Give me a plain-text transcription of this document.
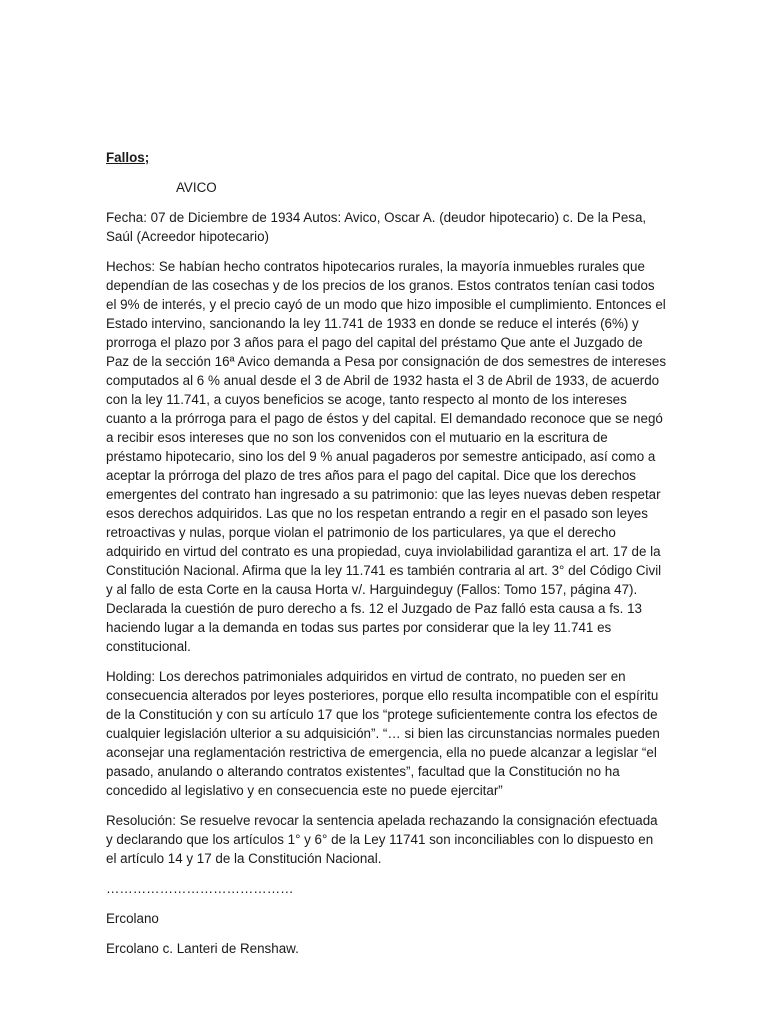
Fallos;
AVICO

Fecha: 07 de Diciembre de 1934 Autos: Avico, Oscar A. (deudor hipotecario) c. De la Pesa, Saúl (Acreedor hipotecario)

Hechos: Se habían hecho contratos hipotecarios rurales, la mayoría inmuebles rurales que dependían de las cosechas y de los precios de los granos. Estos contratos tenían casi todos el 9% de interés, y el precio cayó de un modo que hizo imposible el cumplimiento. Entonces el Estado intervino, sancionando la ley 11.741 de 1933 en donde se reduce el interés (6%) y prorroga el plazo por 3 años para el pago del capital del préstamo Que ante el Juzgado de Paz de la sección 16ª Avico demanda a Pesa por consignación de dos semestres de intereses computados al 6 % anual desde el 3 de Abril de 1932 hasta el 3 de Abril de 1933, de acuerdo con la ley 11.741, a cuyos beneficios se acoge, tanto respecto al monto de los intereses cuanto a la prórroga para el pago de éstos y del capital. El demandado reconoce que se negó a recibir esos intereses que no son los convenidos con el mutuario en la escritura de préstamo hipotecario, sino los del 9 % anual pagaderos por semestre anticipado, así como a aceptar la prórroga del plazo de tres años para el pago del capital. Dice que los derechos emergentes del contrato han ingresado a su patrimonio: que las leyes nuevas deben respetar esos derechos adquiridos. Las que no los respetan entrando a regir en el pasado son leyes retroactivas y nulas, porque violan el patrimonio de los particulares, ya que el derecho adquirido en virtud del contrato es una propiedad, cuya inviolabilidad garantiza el art. 17 de la Constitución Nacional. Afirma que la ley 11.741 es también contraria al art. 3° del Código Civil y al fallo de esta Corte en la causa Horta v/. Harguindeguy (Fallos: Tomo 157, página 47). Declarada la cuestión de puro derecho a fs. 12 el Juzgado de Paz falló esta causa a fs. 13 haciendo lugar a la demanda en todas sus partes por considerar que la ley 11.741 es constitucional.

Holding: Los derechos patrimoniales adquiridos en virtud de contrato, no pueden ser en consecuencia alterados por leyes posteriores, porque ello resulta incompatible con el espíritu de la Constitución y con su artículo 17 que los “protege suficientemente contra los efectos de cualquier legislación ulterior a su adquisición”. “… si bien las circunstancias normales pueden aconsejar una reglamentación restrictiva de emergencia, ella no puede alcanzar a legislar “el pasado, anulando o alterando contratos existentes”, facultad que la Constitución no ha concedido al legislativo y en consecuencia este no puede ejercitar”

Resolución: Se resuelve revocar la sentencia apelada rechazando la consignación efectuada y declarando que los artículos 1° y 6° de la Ley 11741 son inconciliables con lo dispuesto en el artículo 14 y 17 de la Constitución Nacional.

……………………………………

Ercolano

Ercolano c. Lanteri de Renshaw.
